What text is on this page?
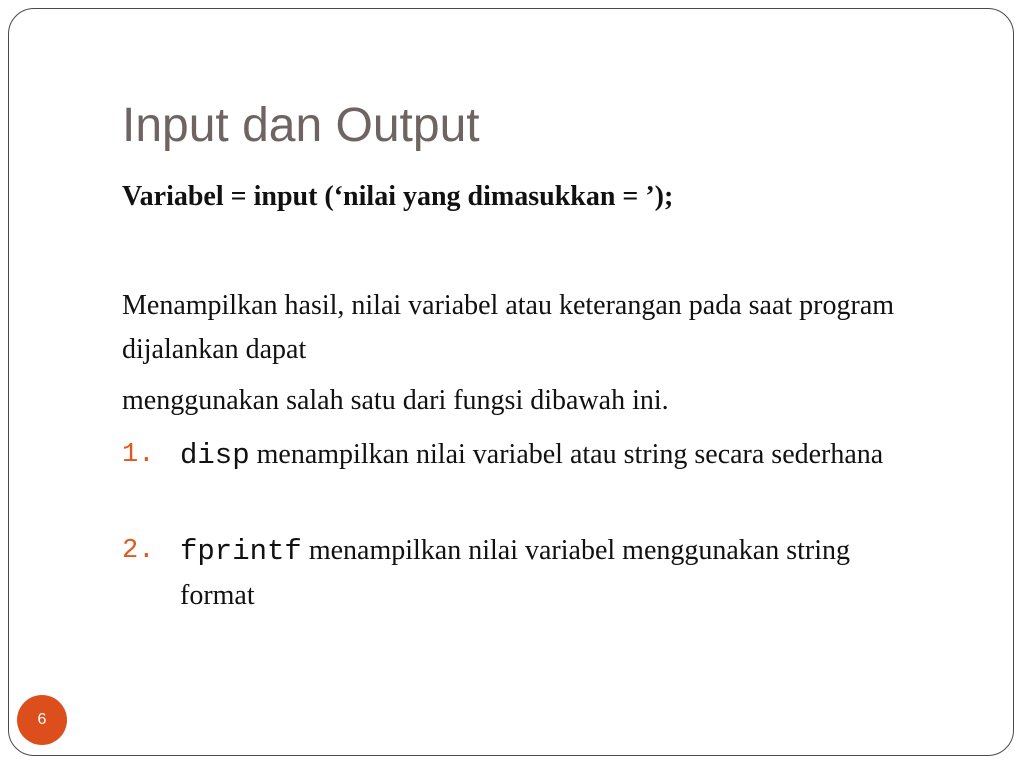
Input dan Output

Variabel = input (‘nilai yang dimasukkan = ’);

Menampilkan hasil, nilai variabel atau keterangan pada saat program dijalankan dapat

menggunakan salah satu dari fungsi dibawah ini.

1. disp menampilkan nilai variabel atau string secara sederhana
2. fprintf menampilkan nilai variabel menggunakan string format
6
